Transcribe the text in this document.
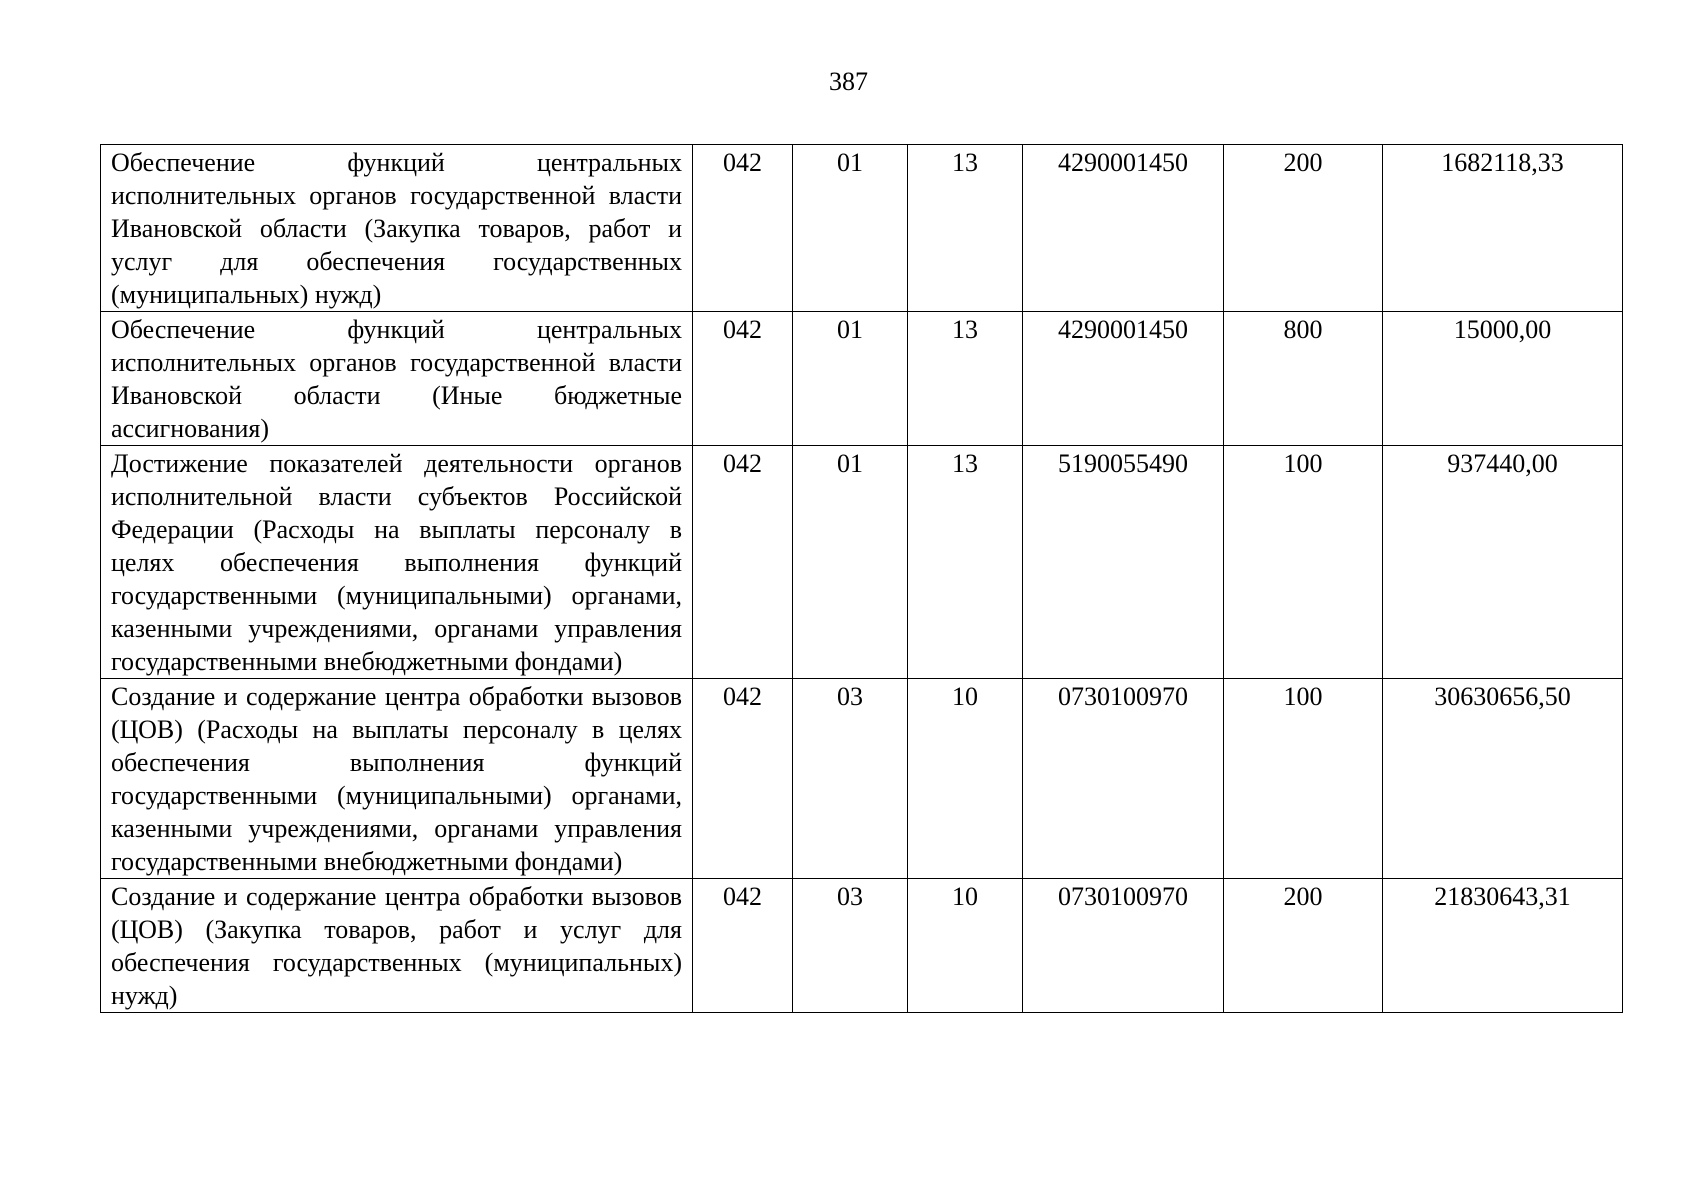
387
Обеспечение функций центральных исполнительных органов государственной власти Ивановской области (Закупка товаров, работ и услуг для обеспечения государственных (муниципальных) нужд)	042	01	13	4290001450	200	1682118,33
Обеспечение функций центральных исполнительных органов государственной власти Ивановской области (Иные бюджетные ассигнования)	042	01	13	4290001450	800	15000,00
Достижение показателей деятельности органов исполнительной власти субъектов Российской Федерации (Расходы на выплаты персоналу в целях обеспечения выполнения функций государственными (муниципальными) органами, казенными учреждениями, органами управления государственными внебюджетными фондами)	042	01	13	5190055490	100	937440,00
Создание и содержание центра обработки вызовов (ЦОВ) (Расходы на выплаты персоналу в целях обеспечения выполнения функций государственными (муниципальными) органами, казенными учреждениями, органами управления государственными внебюджетными фондами)	042	03	10	0730100970	100	30630656,50
Создание и содержание центра обработки вызовов (ЦОВ) (Закупка товаров, работ и услуг для обеспечения государственных (муниципальных) нужд)	042	03	10	0730100970	200	21830643,31
